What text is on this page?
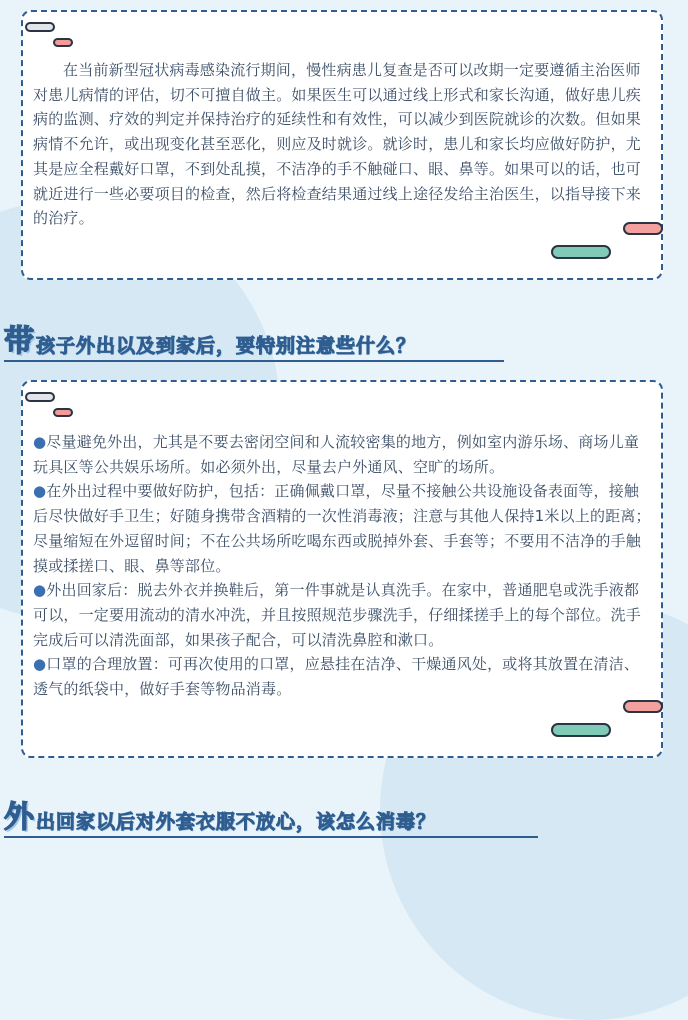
在当前新型冠状病毒感染流行期间，慢性病患儿复查是否可以改期一定要遵循主治医师对患儿病情的评估，切不可擅自做主。如果医生可以通过线上形式和家长沟通，做好患儿疾病的监测、疗效的判定并保持治疗的延续性和有效性，可以减少到医院就诊的次数。但如果病情不允许，或出现变化甚至恶化，则应及时就诊。就诊时，患儿和家长均应做好防护，尤其是应全程戴好口罩，不到处乱摸，不洁净的手不触碰口、眼、鼻等。如果可以的话，也可就近进行一些必要项目的检查，然后将检查结果通过线上途径发给主治医生，以指导接下来的治疗。

带 孩子外出以及到家后，要特别注意些什么？
●尽量避免外出，尤其是不要去密闭空间和人流较密集的地方，例如室内游乐场、商场儿童玩具区等公共娱乐场所。如必须外出，尽量去户外通风、空旷的场所。
●在外出过程中要做好防护，包括：正确佩戴口罩，尽量不接触公共设施设备表面等，接触后尽快做好手卫生；好随身携带含酒精的一次性消毒液；注意与其他人保持1米以上的距离；尽量缩短在外逗留时间；不在公共场所吃喝东西或脱掉外套、手套等；不要用不洁净的手触摸或揉搓口、眼、鼻等部位。
●外出回家后：脱去外衣并换鞋后，第一件事就是认真洗手。在家中，普通肥皂或洗手液都可以，一定要用流动的清水冲洗，并且按照规范步骤洗手，仔细揉搓手上的每个部位。洗手完成后可以清洗面部，如果孩子配合，可以清洗鼻腔和漱口。
●口罩的合理放置：可再次使用的口罩，应悬挂在洁净、干燥通风处，或将其放置在清洁、透气的纸袋中，做好手套等物品消毒。
外 出回家以后对外套衣服不放心，该怎么消毒？
